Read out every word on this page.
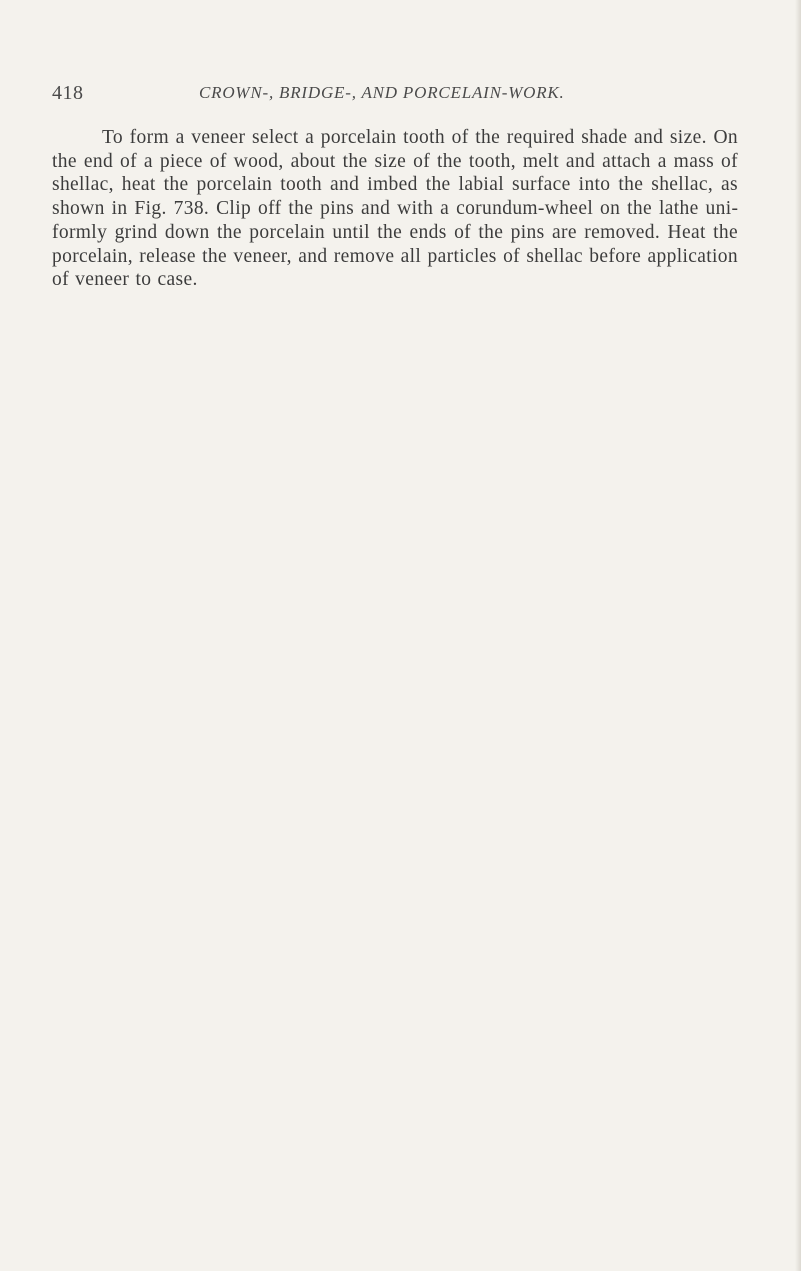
418	CROWN-, BRIDGE-, AND PORCELAIN-WORK.

To form a veneer select a porcelain tooth of the required shade and size. On the end of a piece of wood, about the size of the tooth, melt and attach a mass of shellac, heat the porcelain tooth and imbed the labial surface into the shellac, as shown in Fig. 738. Clip off the pins and with a corundum-wheel on the lathe uniformly grind down the porcelain until the ends of the pins are removed. Heat the porcelain, release the veneer, and remove all particles of shellac before application of veneer to case.
